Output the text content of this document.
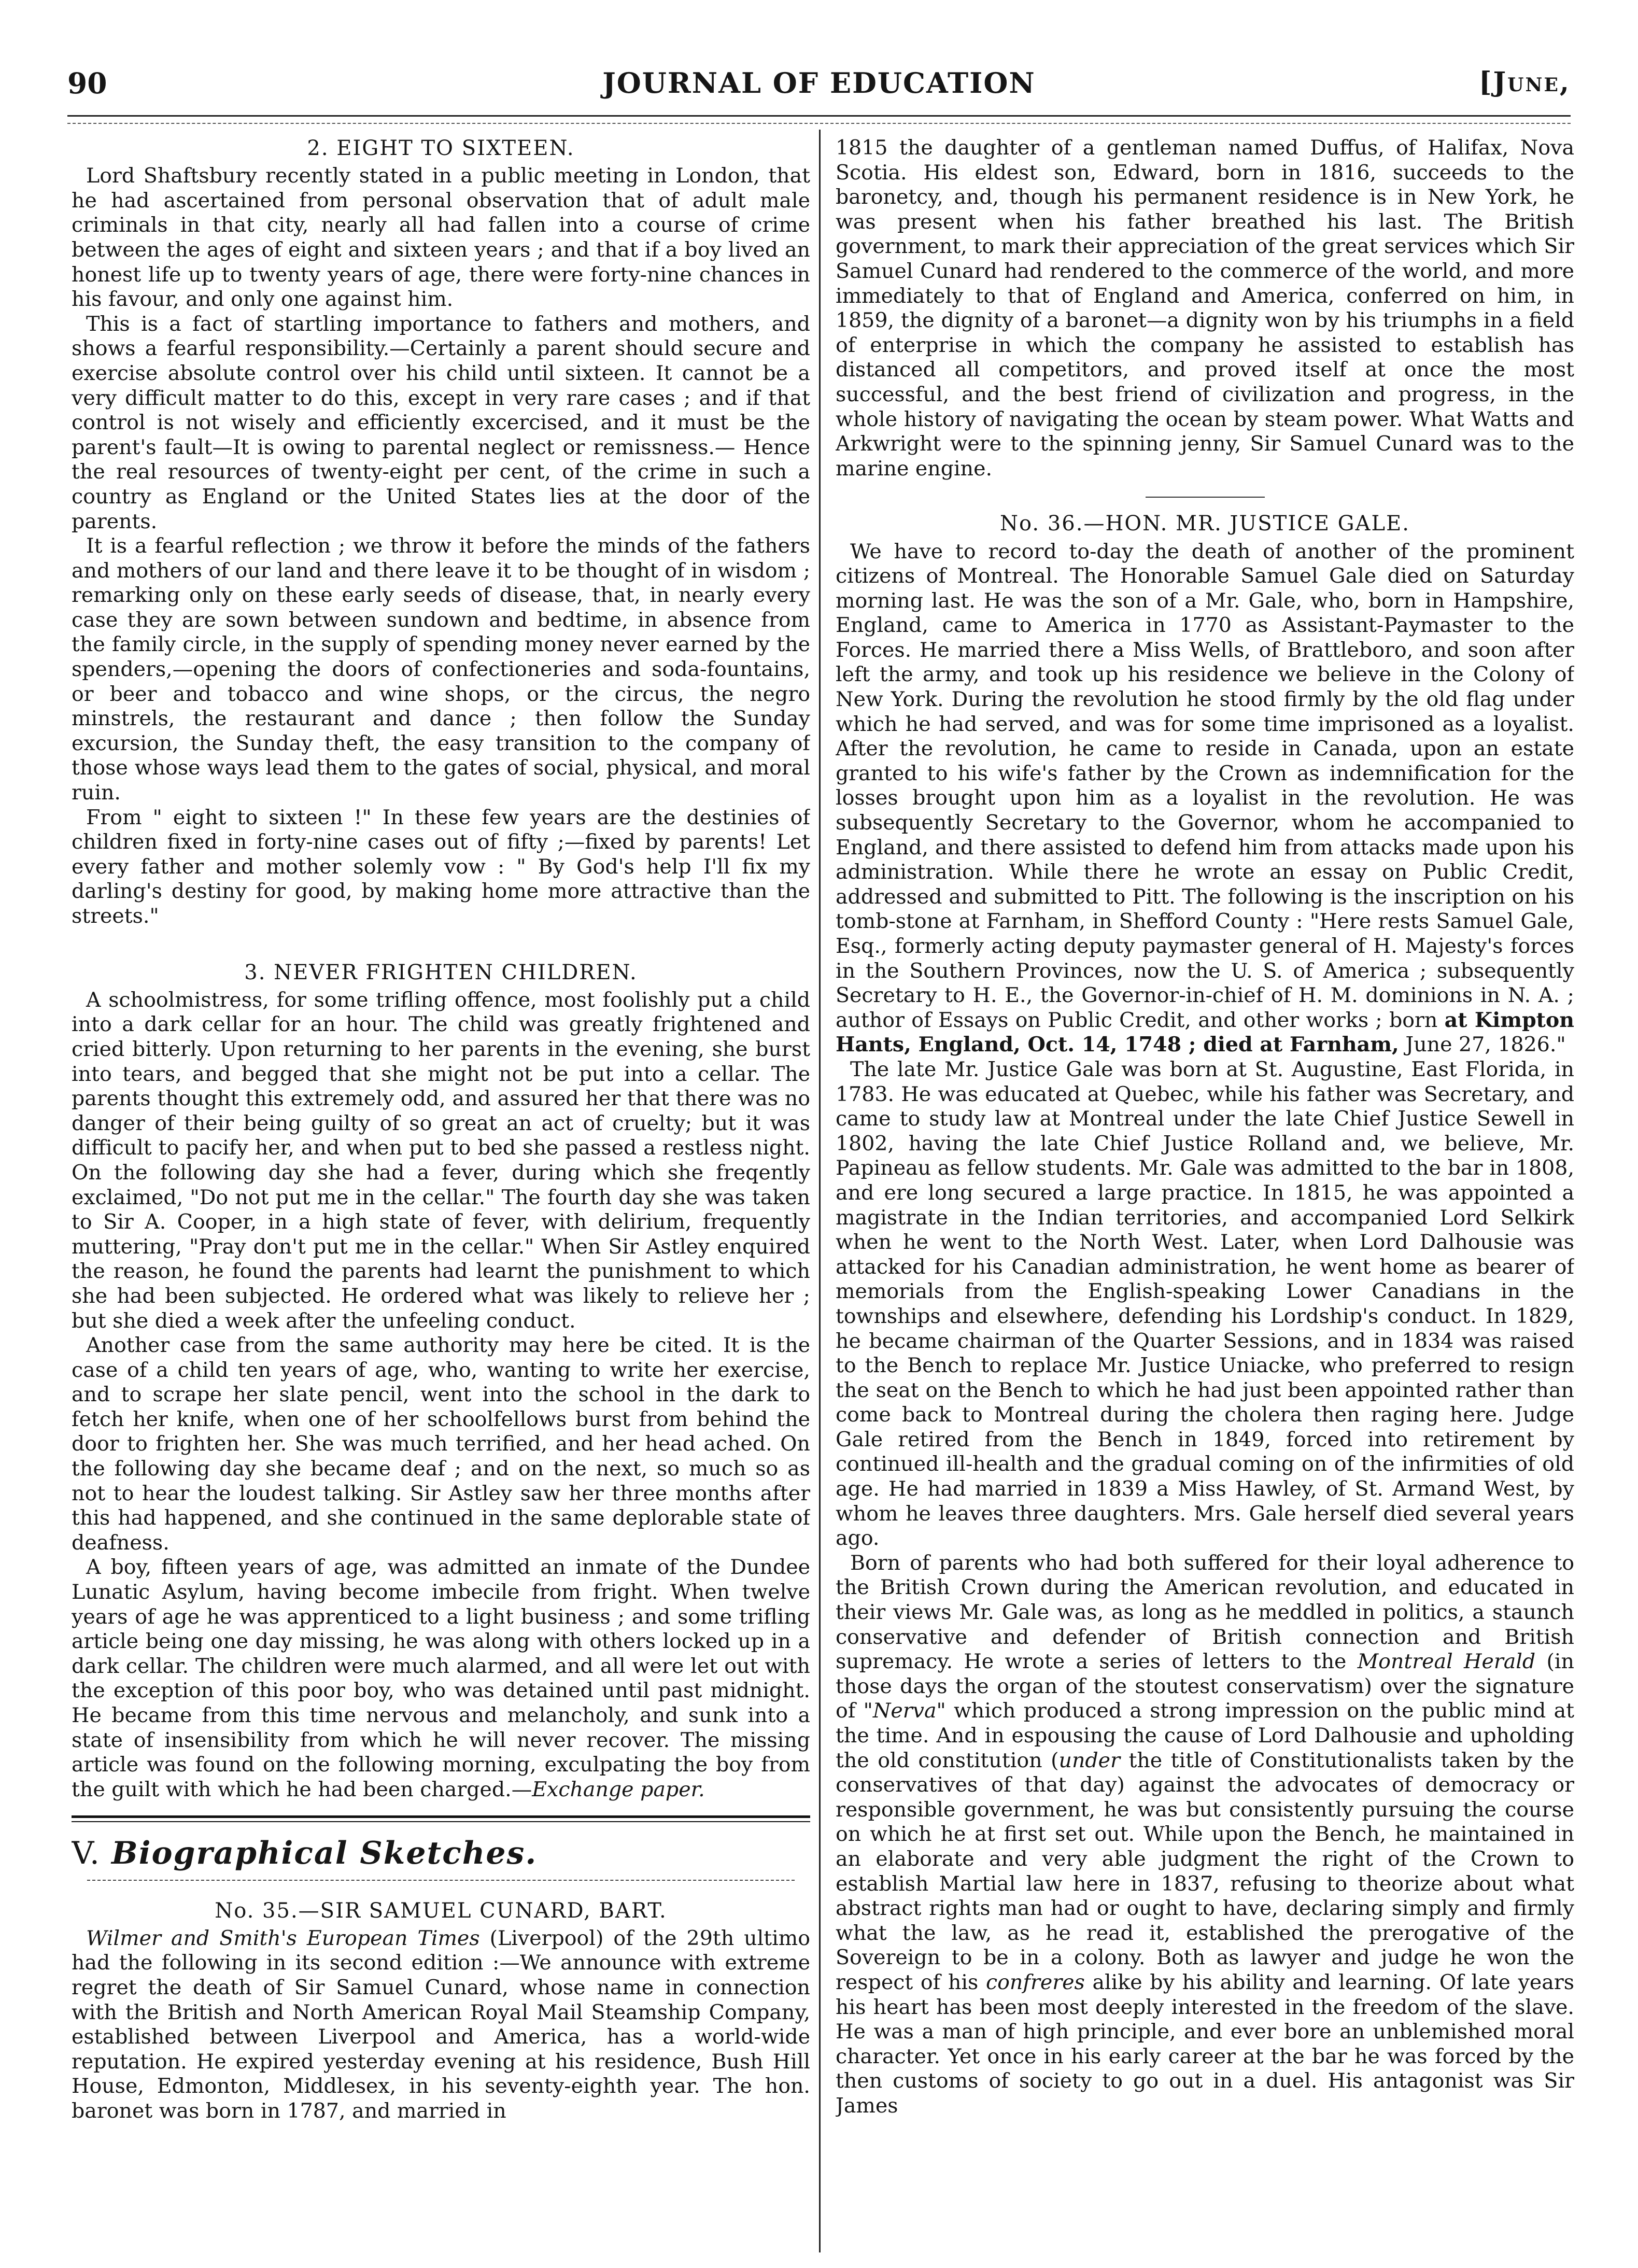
90	JOURNAL OF EDUCATION	[June,
2. EIGHT TO SIXTEEN.

Lord Shaftsbury recently stated in a public meeting in London, that he had ascertained from personal observation that of adult male criminals in that city, nearly all had fallen into a course of crime between the ages of eight and sixteen years ; and that if a boy lived an honest life up to twenty years of age, there were forty-nine chances in his favour, and only one against him.

This is a fact of startling importance to fathers and mothers, and shows a fearful responsibility.—Certainly a parent should secure and exercise absolute control over his child until sixteen. It cannot be a very difficult matter to do this, except in very rare cases ; and if that control is not wisely and efficiently excercised, and it must be the parent's fault—It is owing to parental neglect or remissness.— Hence the real resources of twenty-eight per cent, of the crime in such a country as England or the United States lies at the door of the parents.

It is a fearful reflection ; we throw it before the minds of the fathers and mothers of our land and there leave it to be thought of in wisdom ; remarking only on these early seeds of disease, that, in nearly every case they are sown between sundown and bedtime, in absence from the family circle, in the supply of spending money never earned by the spenders,—opening the doors of confectioneries and soda-fountains, or beer and tobacco and wine shops, or the circus, the negro minstrels, the restaurant and dance ; then follow the Sunday excursion, the Sunday theft, the easy transition to the company of those whose ways lead them to the gates of social, physical, and moral ruin.

From " eight to sixteen !" In these few years are the destinies of children fixed in forty-nine cases out of fifty ;—fixed by parents! Let every father and mother solemly vow : " By God's help I'll fix my darling's destiny for good, by making home more attractive than the streets."

3. NEVER FRIGHTEN CHILDREN.

A schoolmistress, for some trifling offence, most foolishly put a child into a dark cellar for an hour. The child was greatly frightened and cried bitterly. Upon returning to her parents in the evening, she burst into tears, and begged that she might not be put into a cellar. The parents thought this extremely odd, and assured her that there was no danger of their being guilty of so great an act of cruelty; but it was difficult to pacify her, and when put to bed she passed a restless night. On the following day she had a fever, during which she freqently exclaimed, "Do not put me in the cellar." The fourth day she was taken to Sir A. Cooper, in a high state of fever, with delirium, frequently muttering, "Pray don't put me in the cellar." When Sir Astley enquired the reason, he found the parents had learnt the punishment to which she had been subjected. He ordered what was likely to relieve her ; but she died a week after the unfeeling conduct.

Another case from the same authority may here be cited. It is the case of a child ten years of age, who, wanting to write her exercise, and to scrape her slate pencil, went into the school in the dark to fetch her knife, when one of her schoolfellows burst from behind the door to frighten her. She was much terrified, and her head ached. On the following day she became deaf ; and on the next, so much so as not to hear the loudest talking. Sir Astley saw her three months after this had happened, and she continued in the same deplorable state of deafness.

A boy, fifteen years of age, was admitted an inmate of the Dundee Lunatic Asylum, having become imbecile from fright. When twelve years of age he was apprenticed to a light business ; and some trifling article being one day missing, he was along with others locked up in a dark cellar. The children were much alarmed, and all were let out with the exception of this poor boy, who was detained until past midnight. He became from this time nervous and melancholy, and sunk into a state of insensibility from which he will never recover. The missing article was found on the following morning, exculpating the boy from the guilt with which he had been charged.—Exchange paper.

V. Biographical Sketches.

No. 35.—SIR SAMUEL CUNARD, BART.

Wilmer and Smith's European Times (Liverpool) of the 29th ultimo had the following in its second edition :—We announce with extreme regret the death of Sir Samuel Cunard, whose name in connection with the British and North American Royal Mail Steamship Company, established between Liverpool and America, has a world-wide reputation. He expired yesterday evening at his residence, Bush Hill House, Edmonton, Middlesex, in his seventy-eighth year. The hon. baronet was born in 1787, and married in

1815 the daughter of a gentleman named Duffus, of Halifax, Nova Scotia. His eldest son, Edward, born in 1816, succeeds to the baronetcy, and, though his permanent residence is in New York, he was present when his father breathed his last. The British government, to mark their appreciation of the great services which Sir Samuel Cunard had rendered to the commerce of the world, and more immediately to that of England and America, conferred on him, in 1859, the dignity of a baronet—a dignity won by his triumphs in a field of enterprise in which the company he assisted to establish has distanced all competitors, and proved itself at once the most successful, and the best friend of civilization and progress, in the whole history of navigating the ocean by steam power. What Watts and Arkwright were to the spinning jenny, Sir Samuel Cunard was to the marine engine.

No. 36.—HON. MR. JUSTICE GALE.

We have to record to-day the death of another of the prominent citizens of Montreal. The Honorable Samuel Gale died on Saturday morning last. He was the son of a Mr. Gale, who, born in Hampshire, England, came to America in 1770 as Assistant-Paymaster to the Forces. He married there a Miss Wells, of Brattleboro, and soon after left the army, and took up his residence we believe in the Colony of New York. During the revolution he stood firmly by the old flag under which he had served, and was for some time imprisoned as a loyalist. After the revolution, he came to reside in Canada, upon an estate granted to his wife's father by the Crown as indemnification for the losses brought upon him as a loyalist in the revolution. He was subsequently Secretary to the Governor, whom he accompanied to England, and there assisted to defend him from attacks made upon his administration. While there he wrote an essay on Public Credit, addressed and submitted to Pitt. The following is the inscription on his tomb-stone at Farnham, in Shefford County : "Here rests Samuel Gale, Esq., formerly acting deputy paymaster general of H. Majesty's forces in the Southern Provinces, now the U. S. of America ; subsequently Secretary to H. E., the Governor-in-chief of H. M. dominions in N. A. ; author of Essays on Public Credit, and other works ; born at Kimpton Hants, England, Oct. 14, 1748 ; died at Farnham, June 27, 1826."

The late Mr. Justice Gale was born at St. Augustine, East Florida, in 1783. He was educated at Quebec, while his father was Secretary, and came to study law at Montreal under the late Chief Justice Sewell in 1802, having the late Chief Justice Rolland and, we believe, Mr. Papineau as fellow students. Mr. Gale was admitted to the bar in 1808, and ere long secured a large practice. In 1815, he was appointed a magistrate in the Indian territories, and accompanied Lord Selkirk when he went to the North West. Later, when Lord Dalhousie was attacked for his Canadian administration, he went home as bearer of memorials from the English-speaking Lower Canadians in the townships and elsewhere, defending his Lordship's conduct. In 1829, he became chairman of the Quarter Sessions, and in 1834 was raised to the Bench to replace Mr. Justice Uniacke, who preferred to resign the seat on the Bench to which he had just been appointed rather than come back to Montreal during the cholera then raging here. Judge Gale retired from the Bench in 1849, forced into retirement by continued ill-health and the gradual coming on of the infirmities of old age. He had married in 1839 a Miss Hawley, of St. Armand West, by whom he leaves three daughters. Mrs. Gale herself died several years ago.

Born of parents who had both suffered for their loyal adherence to the British Crown during the American revolution, and educated in their views Mr. Gale was, as long as he meddled in politics, a staunch conservative and defender of British connection and British supremacy. He wrote a series of letters to the Montreal Herald (in those days the organ of the stoutest conservatism) over the signature of "Nerva" which produced a strong impression on the public mind at the time. And in espousing the cause of Lord Dalhousie and upholding the old constitution (under the title of Constitutionalists taken by the conservatives of that day) against the advocates of democracy or responsible government, he was but consistently pursuing the course on which he at first set out. While upon the Bench, he maintained in an elaborate and very able judgment the right of the Crown to establish Martial law here in 1837, refusing to theorize about what abstract rights man had or ought to have, declaring simply and firmly what the law, as he read it, established the prerogative of the Sovereign to be in a colony. Both as lawyer and judge he won the respect of his confreres alike by his ability and learning. Of late years his heart has been most deeply interested in the freedom of the slave. He was a man of high principle, and ever bore an unblemished moral character. Yet once in his early career at the bar he was forced by the then customs of society to go out in a duel. His antagonist was Sir James
